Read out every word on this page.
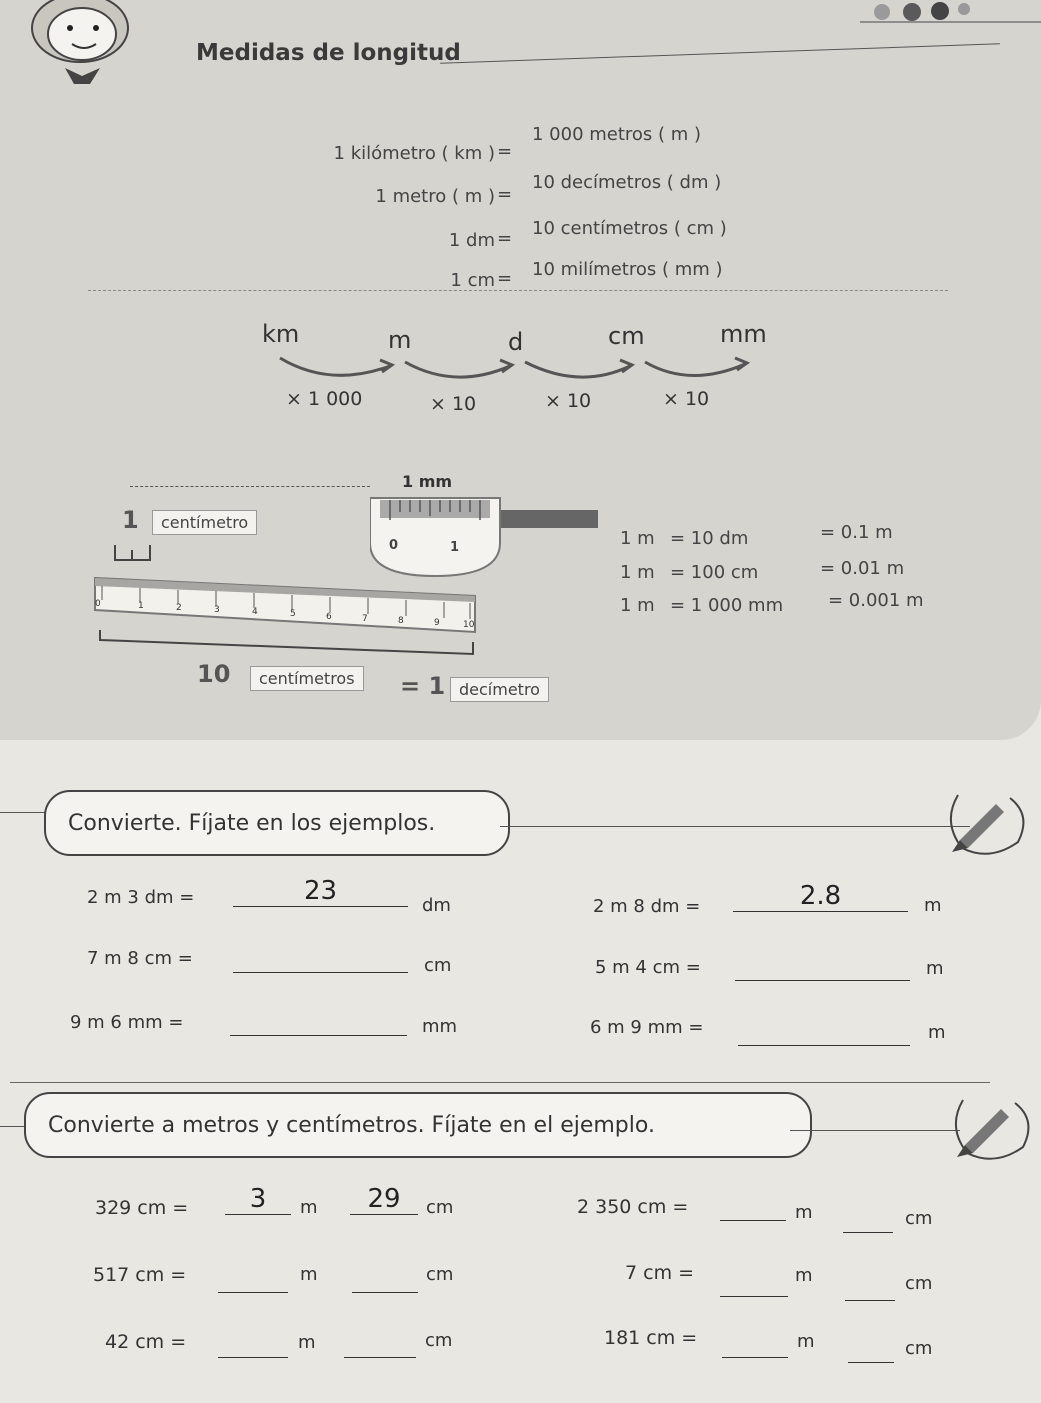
Medidas de longitud
1 kilómetro ( km ) =
1 000 metros ( m )
1 metro ( m ) =
10 decímetros ( dm )
1 dm = 10 centímetros ( cm )
1 cm = 10 milímetros ( mm )
km	m	d	cm	mm
× 1 000	× 10	× 10	× 10
1 mm
1	centímetro
0	1
0	1	2	3	4	5	6	7	8	9	10
10	centímetros	= 1 decímetro
1 m = 10 dm	= 0.1 m
1 m = 100 cm	= 0.01 m
1 m = 1 000 mm = 0.001 m
Convierte. Fíjate en los ejemplos.
2 m 3 dm =	23	dm	2 m 8 dm =	2.8	m
7 m 8 cm =	cm	5 m 4 cm =	m
9 m 6 mm =	mm	6 m 9 mm =	m
Convierte a metros y centímetros. Fíjate en el ejemplo.
329 cm =	3	m	29	cm	2 350 cm =	m	cm
517 cm =	m	cm	7 cm =	m	cm
42 cm =	m	cm	181 cm =	m	cm
